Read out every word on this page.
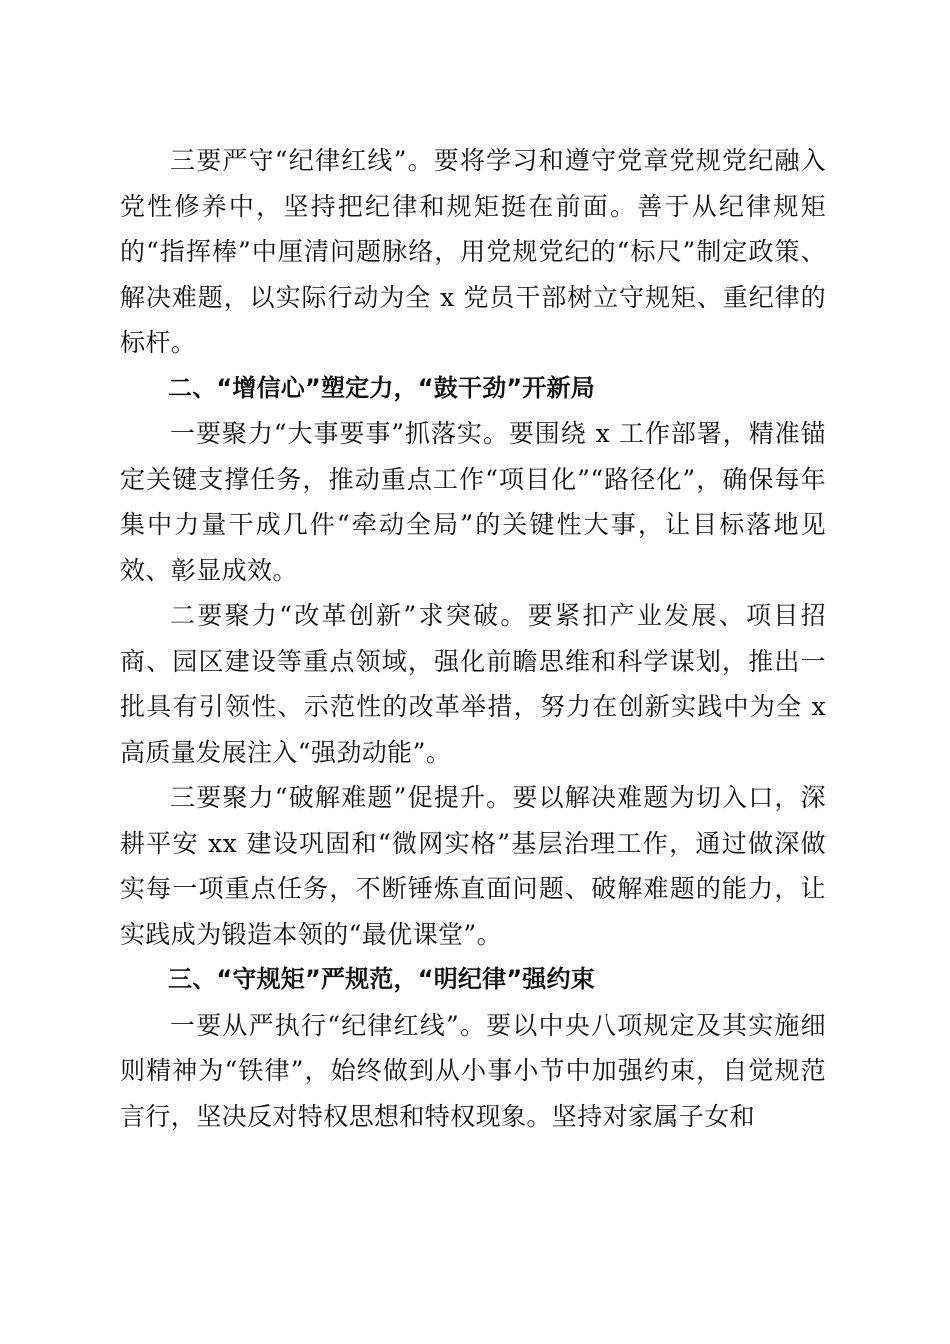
三要严守“纪律红线”。要将学习和遵守党章党规党纪融入党性修养中，坚持把纪律和规矩挺在前面。善于从纪律规矩的“指挥棒”中厘清问题脉络，用党规党纪的“标尺”制定政策、解决难题，以实际行动为全 x 党员干部树立守规矩、重纪律的标杆。

二、“增信心”塑定力，“鼓干劲”开新局

一要聚力“大事要事”抓落实。要围绕 x 工作部署，精准锚定关键支撑任务，推动重点工作“项目化”“路径化”，确保每年集中力量干成几件“牵动全局”的关键性大事，让目标落地见效、彰显成效。

二要聚力“改革创新”求突破。要紧扣产业发展、项目招商、园区建设等重点领域，强化前瞻思维和科学谋划，推出一批具有引领性、示范性的改革举措，努力在创新实践中为全 x 高质量发展注入“强劲动能”。

三要聚力“破解难题”促提升。要以解决难题为切入口，深耕平安 xx 建设巩固和“微网实格”基层治理工作，通过做深做实每一项重点任务，不断锤炼直面问题、破解难题的能力，让实践成为锻造本领的“最优课堂”。

三、“守规矩”严规范，“明纪律”强约束

一要从严执行“纪律红线”。要以中央八项规定及其实施细则精神为“铁律”，始终做到从小事小节中加强约束，自觉规范言行，坚决反对特权思想和特权现象。坚持对家属子女和
